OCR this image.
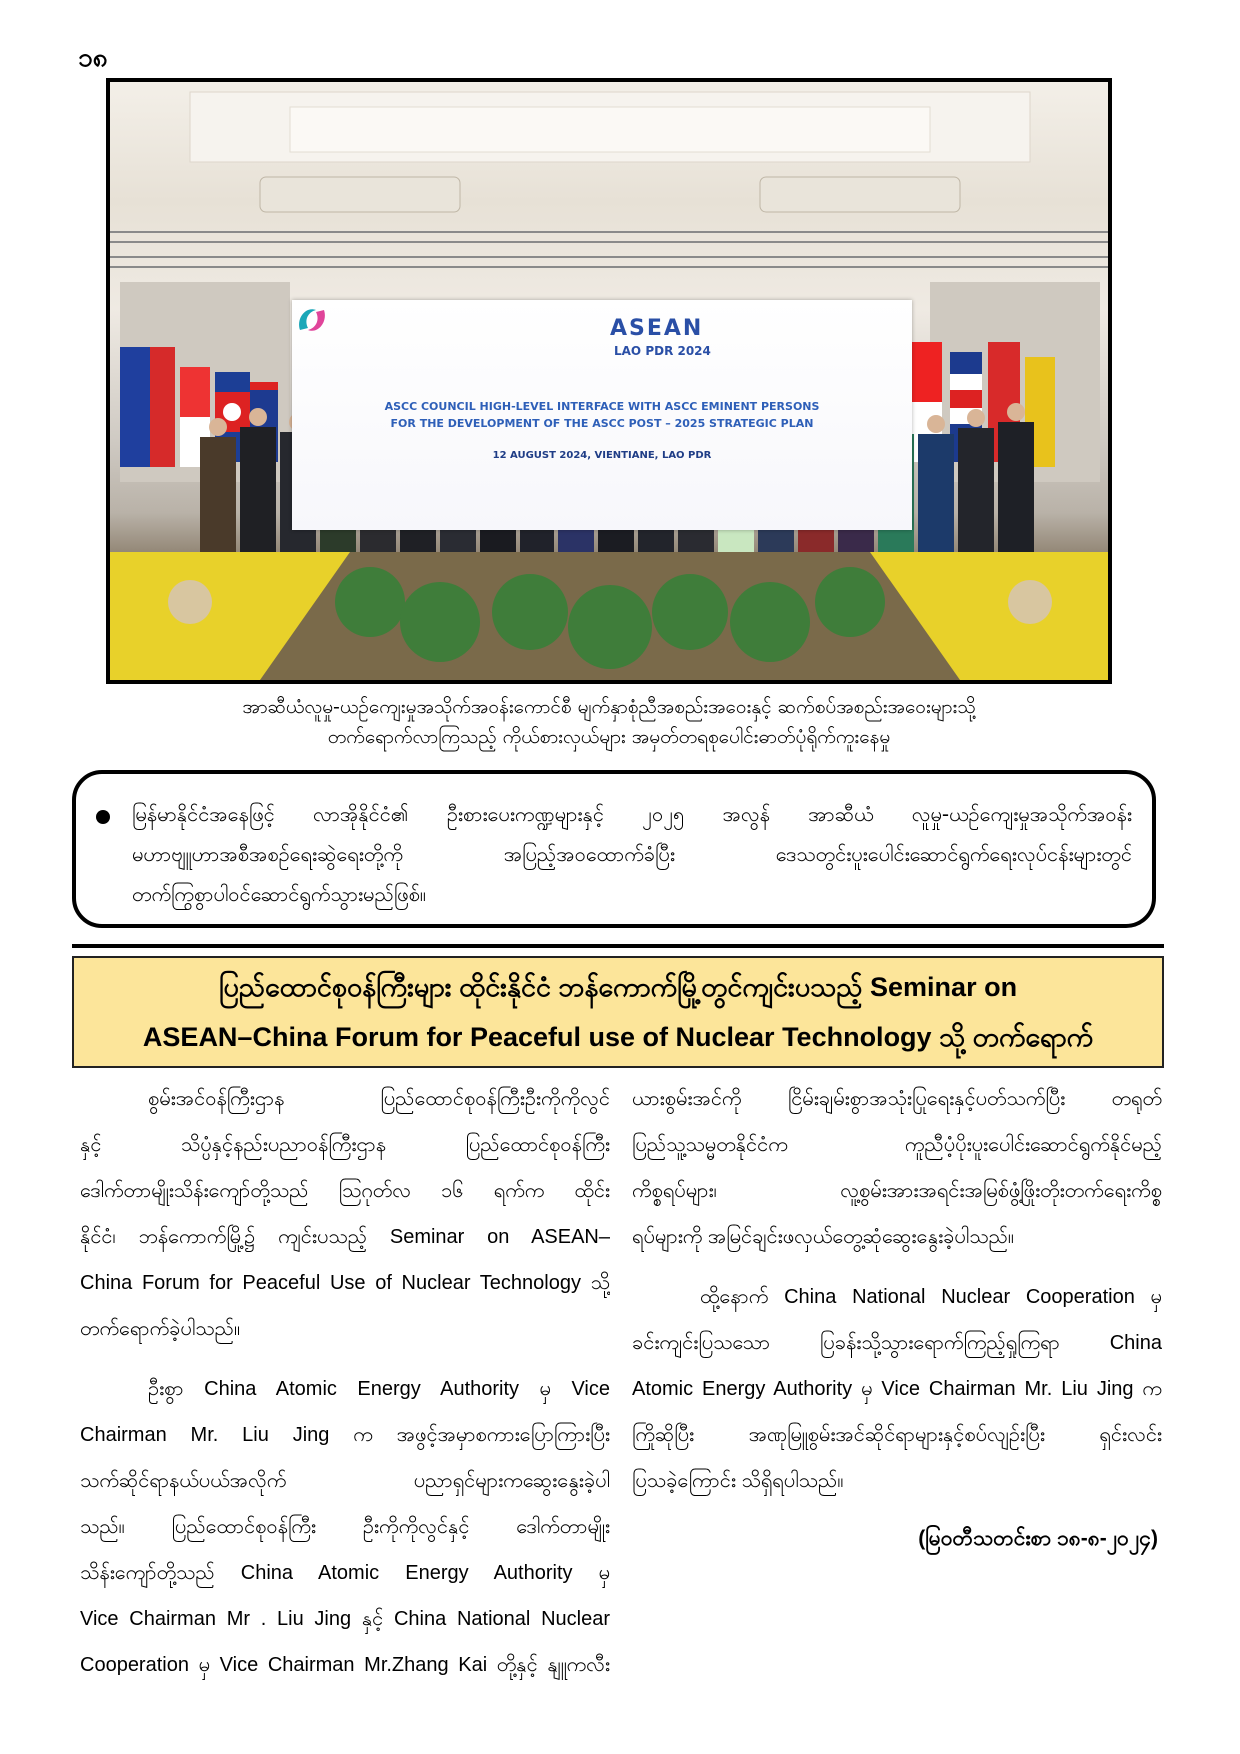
၁၈
ASEAN
LAO PDR 2024
ASCC COUNCIL HIGH-LEVEL INTERFACE WITH ASCC EMINENT PERSONS
FOR THE DEVELOPMENT OF THE ASCC POST – 2025 STRATEGIC PLAN
12 AUGUST 2024, VIENTIANE, LAO PDR
အာဆီယံလူမှု-ယဉ်ကျေးမှုအသိုက်အဝန်းကောင်စီ မျက်နှာစုံညီအစည်းအဝေးနှင့် ဆက်စပ်အစည်းအဝေးများသို့
တက်ရောက်လာကြသည့် ကိုယ်စားလှယ်များ အမှတ်တရစုပေါင်းဓာတ်ပုံရိုက်ကူးနေမှု
မြန်မာနိုင်ငံအနေဖြင့် လာအိုနိုင်ငံ၏ ဦးစားပေးကဏ္ဍများနှင့် ၂၀၂၅ အလွန် အာဆီယံ လူမှု-ယဉ်ကျေးမှုအသိုက်အဝန်း
မဟာဗျူဟာအစီအစဉ်ရေးဆွဲရေးတို့ကို အပြည့်အဝထောက်ခံပြီး ဒေသတွင်းပူးပေါင်းဆောင်ရွက်ရေးလုပ်ငန်းများတွင်
တက်ကြွစွာပါဝင်ဆောင်ရွက်သွားမည်ဖြစ်။
ပြည်ထောင်စုဝန်ကြီးများ ထိုင်းနိုင်ငံ ဘန်ကောက်မြို့တွင်ကျင်းပသည့် Seminar on
ASEAN–China Forum for Peaceful use of Nuclear Technology သို့ တက်ရောက်
စွမ်းအင်ဝန်ကြီးဌာန ပြည်ထောင်စုဝန်ကြီးဦးကိုကိုလွင်
နှင့် သိပ္ပံနှင့်နည်းပညာဝန်ကြီးဌာန ပြည်ထောင်စုဝန်ကြီး
ဒေါက်တာမျိုးသိန်းကျော်တို့သည် ဩဂုတ်လ ၁၆ ရက်က ထိုင်း
နိုင်ငံ၊ ဘန်ကောက်မြို့၌ ကျင်းပသည့် Seminar on ASEAN–
China Forum for Peaceful Use of Nuclear Technology သို့
တက်ရောက်ခဲ့ပါသည်။
ဦးစွာ China Atomic Energy Authority မှ Vice
Chairman Mr. Liu Jing က အဖွင့်အမှာစကားပြောကြားပြီး
သက်ဆိုင်ရာနယ်ပယ်အလိုက် ပညာရှင်များကဆွေးနွေးခဲ့ပါ
သည်။ ပြည်ထောင်စုဝန်ကြီး ဦးကိုကိုလွင်နှင့် ဒေါက်တာမျိုး
သိန်းကျော်တို့သည် China Atomic Energy Authority မှ
Vice Chairman Mr . Liu Jing နှင့် China National Nuclear
Cooperation မှ Vice Chairman Mr.Zhang Kai တို့နှင့် နျူကလီး
ယားစွမ်းအင်ကို ငြိမ်းချမ်းစွာအသုံးပြုရေးနှင့်ပတ်သက်ပြီး တရုတ်
ပြည်သူ့သမ္မတနိုင်ငံက ကူညီပံ့ပိုးပူးပေါင်းဆောင်ရွက်နိုင်မည့်
ကိစ္စရပ်များ၊ လူ့စွမ်းအားအရင်းအမြစ်ဖွံ့ဖြိုးတိုးတက်ရေးကိစ္စ
ရပ်များကို အမြင်ချင်းဖလှယ်တွေ့ဆုံဆွေးနွေးခဲ့ပါသည်။
ထို့နောက် China National Nuclear Cooperation မှ
ခင်းကျင်းပြသသော ပြခန်းသို့သွားရောက်ကြည့်ရှုကြရာ China
Atomic Energy Authority မှ Vice Chairman Mr. Liu Jing က
ကြိုဆိုပြီး အဏုမြူစွမ်းအင်ဆိုင်ရာများနှင့်စပ်လျဉ်းပြီး ရှင်းလင်း
ပြသခဲ့ကြောင်း သိရှိရပါသည်။
(မြဝတီသတင်းစာ ၁၈-၈-၂၀၂၄)
